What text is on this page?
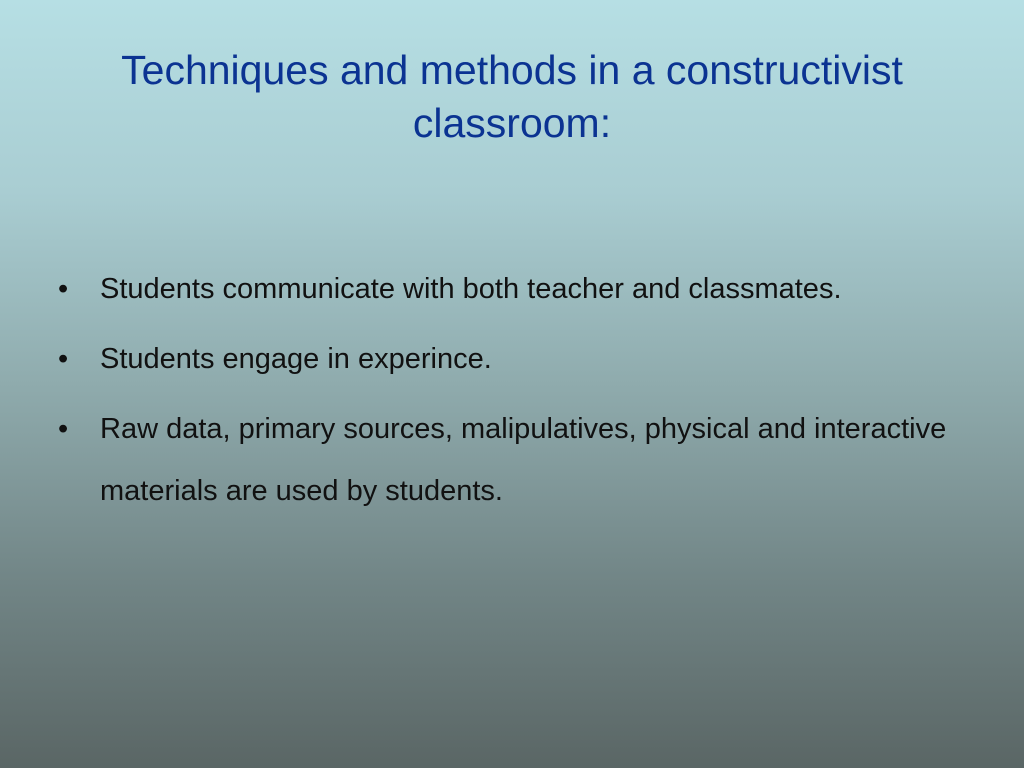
Techniques and methods in a constructivist classroom:
•	Students communicate with both teacher and classmates.
•	Students engage in experince.
•	Raw data, primary sources, malipulatives, physical and interactive materials are used by students.
